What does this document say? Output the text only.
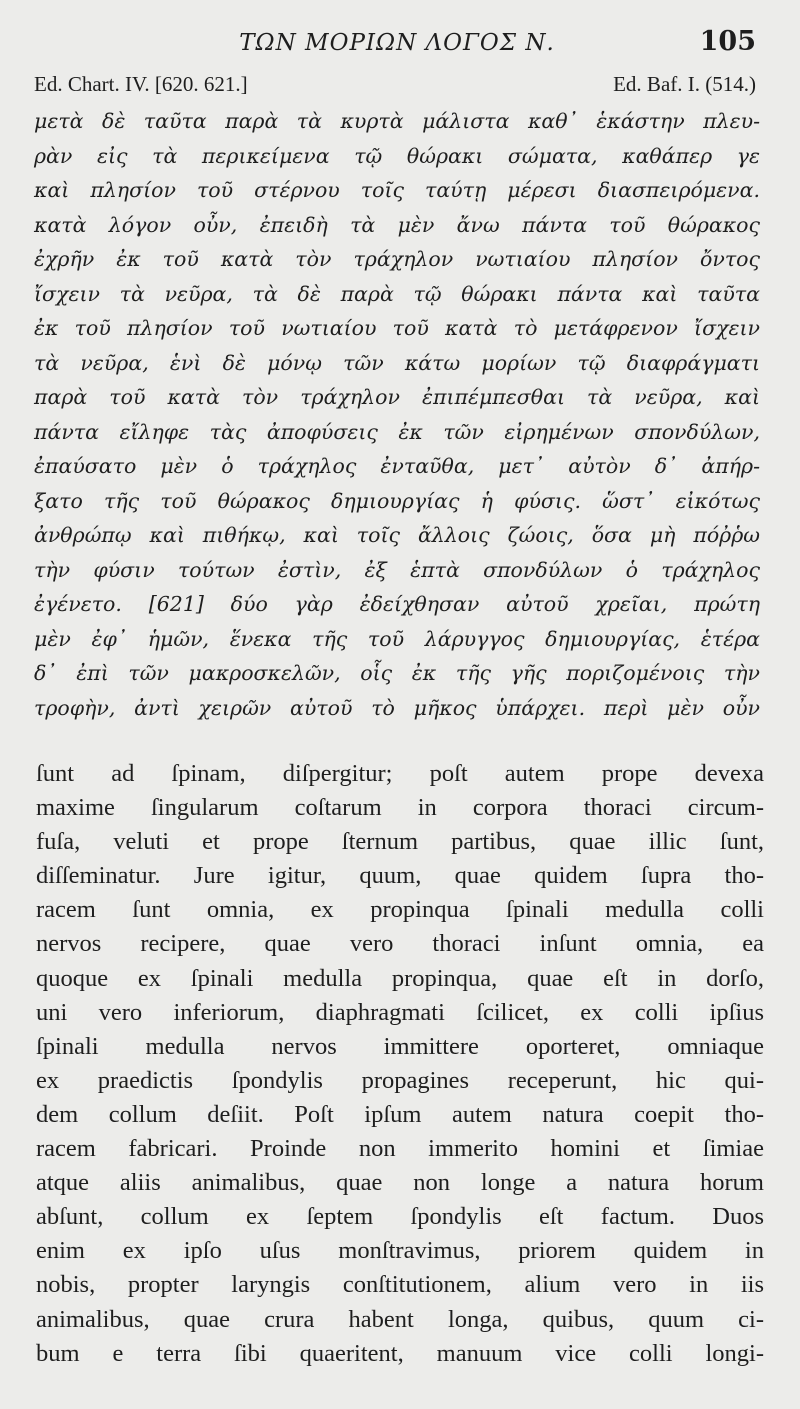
ΤΩΝ ΜΟΡΙΩΝ ΛΟΓΟΣ Ν.	105
Ed. Chart. IV. [620. 621.]	Ed. Baf. I. (514.)
μετὰ δὲ ταῦτα παρὰ τὰ κυρτὰ μάλιστα καθ᾽ ἑκάστην πλευ-
ρὰν εἰς τὰ περικείμενα τῷ θώρακι σώματα, καθάπερ γε
καὶ πλησίον τοῦ στέρνου τοῖς ταύτῃ μέρεσι διασπειρόμενα.
κατὰ λόγον οὖν, ἐπειδὴ τὰ μὲν ἄνω πάντα τοῦ θώρακος
ἐχρῆν ἐκ τοῦ κατὰ τὸν τράχηλον νωτιαίου πλησίον ὄντος
ἴσχειν τὰ νεῦρα, τὰ δὲ παρὰ τῷ θώρακι πάντα καὶ ταῦτα
ἐκ τοῦ πλησίον τοῦ νωτιαίου τοῦ κατὰ τὸ μετάφρενον ἴσχειν
τὰ νεῦρα, ἑνὶ δὲ μόνῳ τῶν κάτω μορίων τῷ διαφράγματι
παρὰ τοῦ κατὰ τὸν τράχηλον ἐπιπέμπεσθαι τὰ νεῦρα, καὶ
πάντα εἴληφε τὰς ἀποφύσεις ἐκ τῶν εἰρημένων σπονδύλων,
ἐπαύσατο μὲν ὁ τράχηλος ἐνταῦθα, μετ᾽ αὐτὸν δ᾽ ἀπήρ-
ξατο τῆς τοῦ θώρακος δημιουργίας ἡ φύσις. ὥστ᾽ εἰκότως
ἀνθρώπῳ καὶ πιθήκῳ, καὶ τοῖς ἄλλοις ζώοις, ὅσα μὴ πόῤῥω
τὴν φύσιν τούτων ἐστὶν, ἐξ ἑπτὰ σπονδύλων ὁ τράχηλος
ἐγένετο. [621] δύο γὰρ ἐδείχθησαν αὐτοῦ χρεῖαι, πρώτη
μὲν ἐφ᾽ ἡμῶν, ἕνεκα τῆς τοῦ λάρυγγος δημιουργίας, ἑτέρα
δ᾽ ἐπὶ τῶν μακροσκελῶν, οἷς ἐκ τῆς γῆς ποριζομένοις τὴν
τροφὴν, ἀντὶ χειρῶν αὐτοῦ τὸ μῆκος ὑπάρχει. περὶ μὲν οὖν
ſunt ad ſpinam, diſpergitur; poſt autem prope devexa
maxime ſingularum coſtarum in corpora thoraci circum-
fuſa, veluti et prope ſternum partibus, quae illic ſunt,
diſſeminatur. Jure igitur, quum, quae quidem ſupra tho-
racem ſunt omnia, ex propinqua ſpinali medulla colli
nervos recipere, quae vero thoraci inſunt omnia, ea
quoque ex ſpinali medulla propinqua, quae eſt in dorſo,
uni vero inferiorum, diaphragmati ſcilicet, ex colli ipſius
ſpinali medulla nervos immittere oporteret, omniaque
ex praedictis ſpondylis propagines receperunt, hic qui-
dem collum deſiit. Poſt ipſum autem natura coepit tho-
racem fabricari. Proinde non immerito homini et ſimiae
atque aliis animalibus, quae non longe a natura horum
abſunt, collum ex ſeptem ſpondylis eſt factum. Duos
enim ex ipſo uſus monſtravimus, priorem quidem in
nobis, propter laryngis conſtitutionem, alium vero in iis
animalibus, quae crura habent longa, quibus, quum ci-
bum e terra ſibi quaeritent, manuum vice colli longi-
